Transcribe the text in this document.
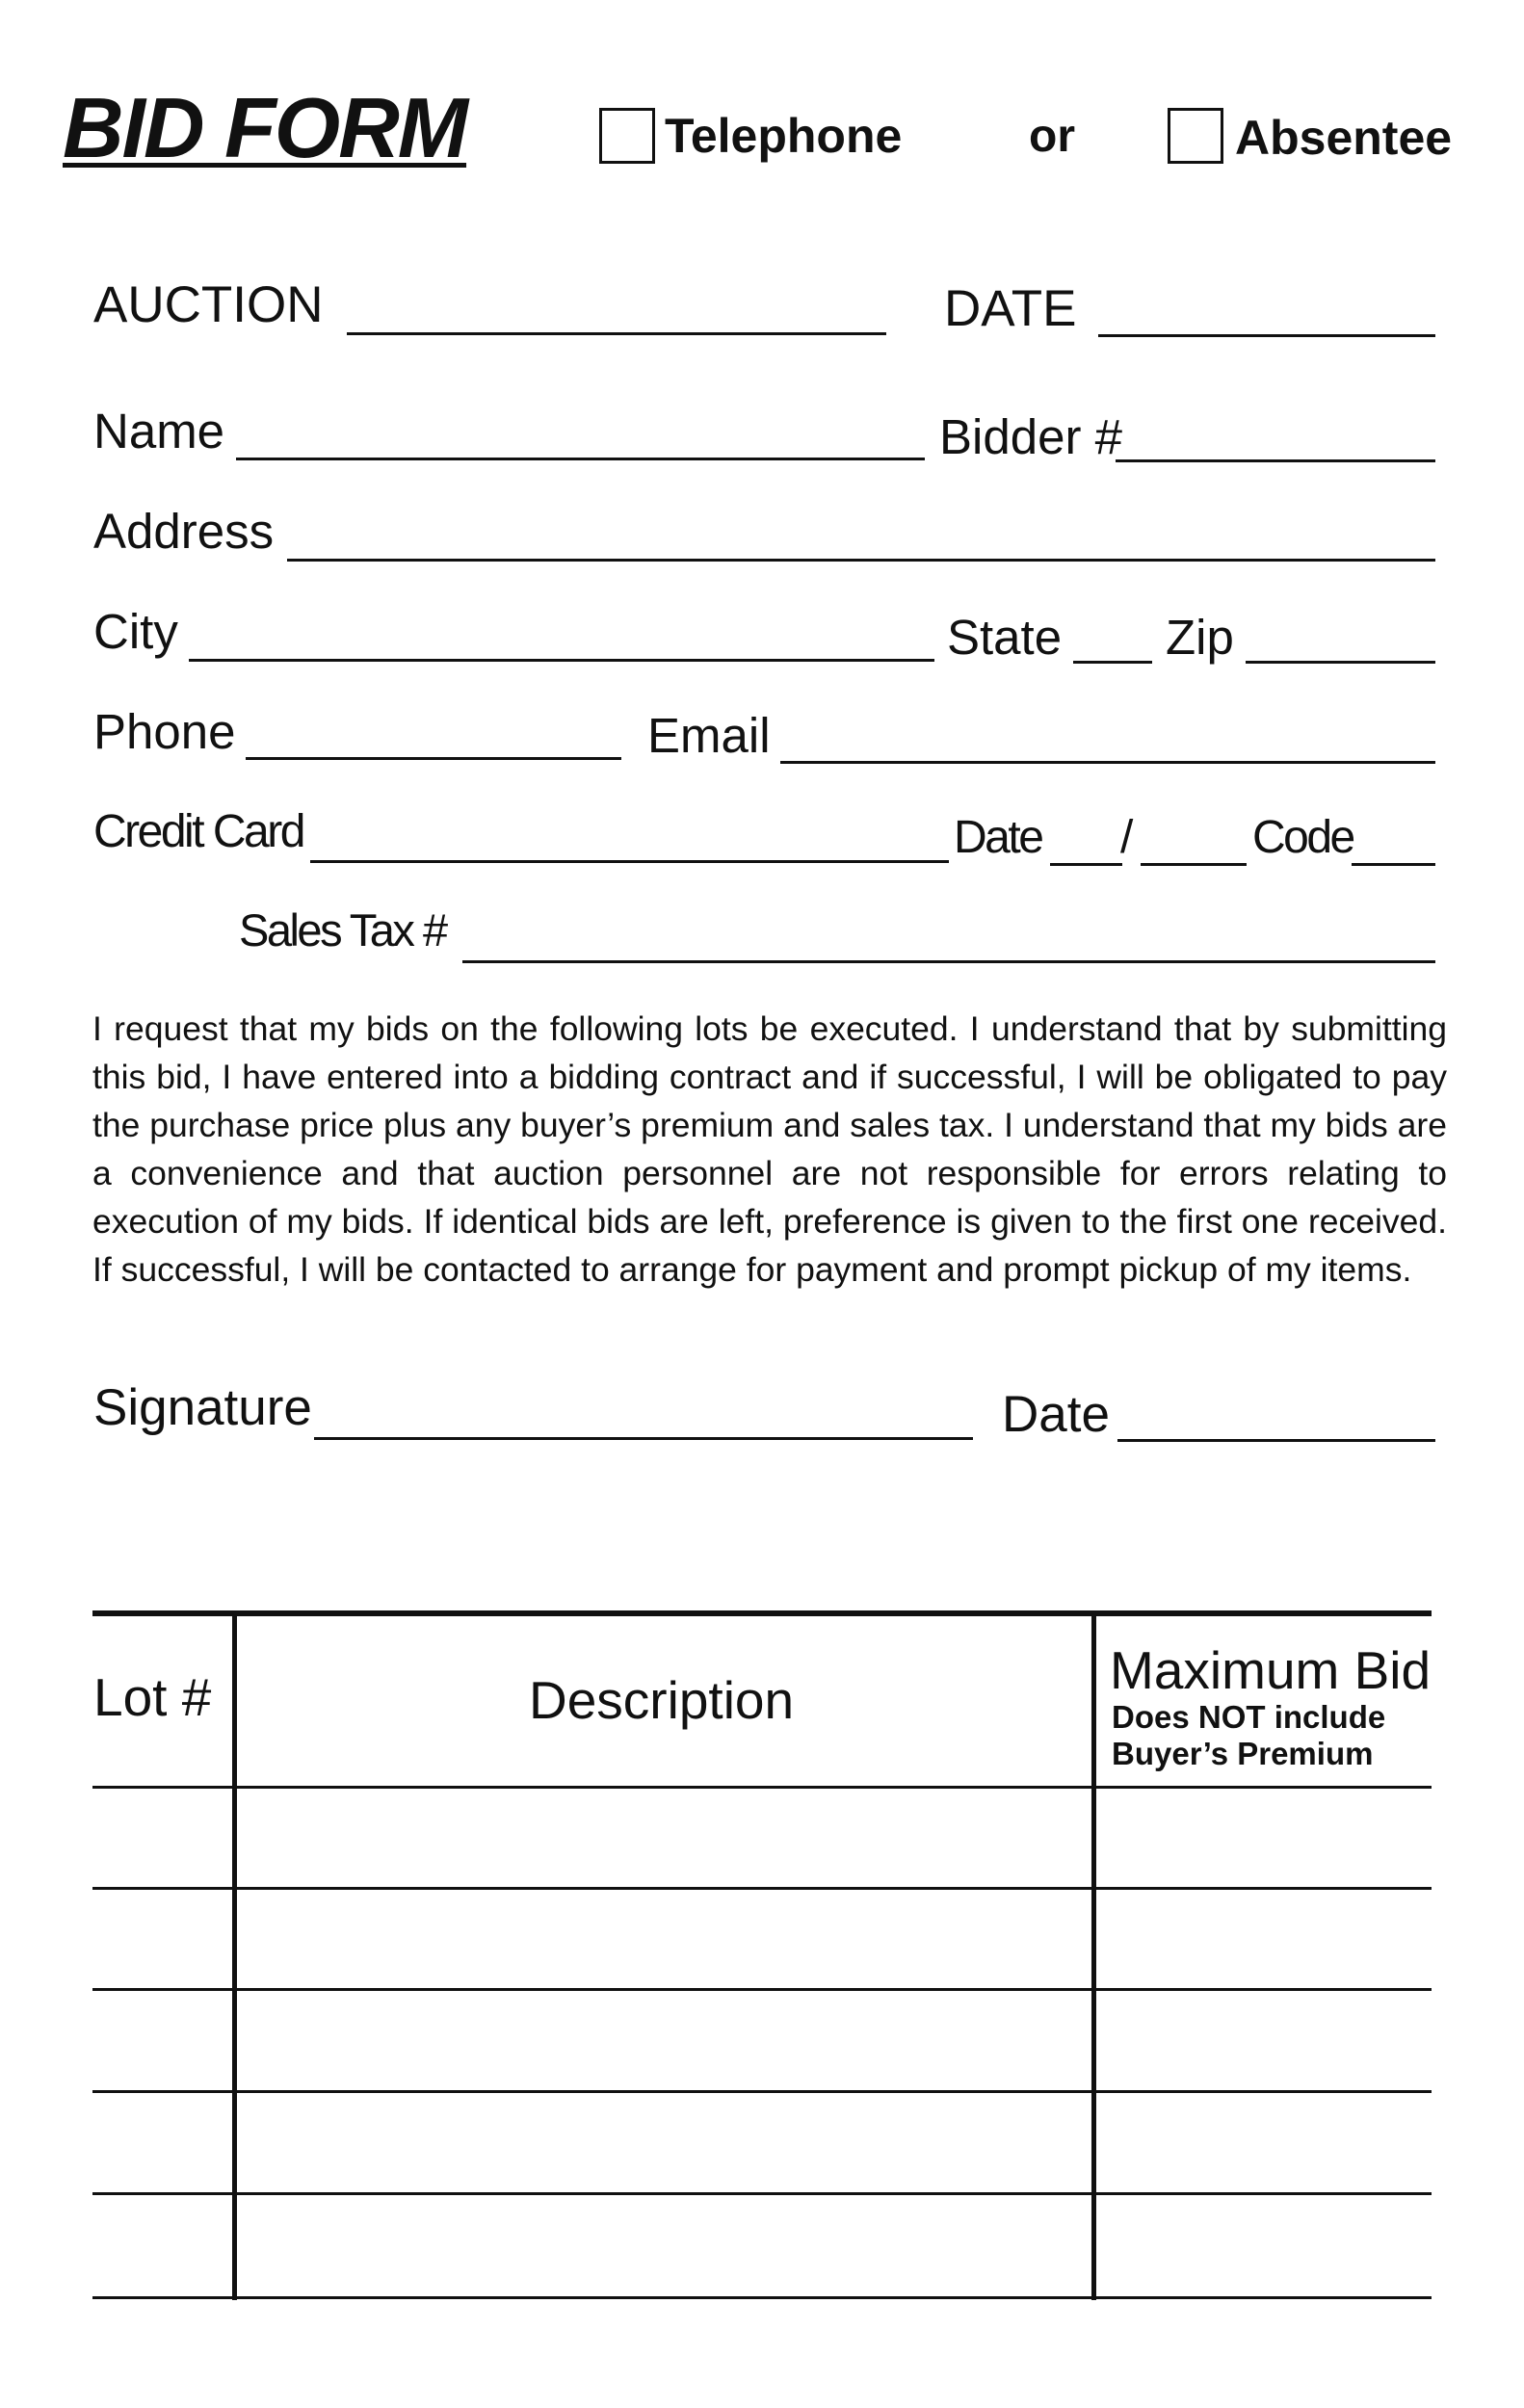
BID FORM	Telephone	or	Absentee
AUCTION	DATE
Name	Bidder #
Address
City	State Zip
Phone	Email
Credit Card	Date /	Code
Sales Tax #
I request that my bids on the following lots be executed. I understand that by submitting this bid, I have entered into a bidding contract and if successful, I will be obligated to pay the purchase price plus any buyer’s premium and sales tax. I understand that my bids are a convenience and that auction personnel are not responsible for errors relating to execution of my bids. If identical bids are left, preference is given to the first one received. If successful, I will be contacted to arrange for payment and prompt pickup of my items.
Signature	Date
Lot #	Description	Maximum Bid
Does NOT include
Buyer’s Premium
